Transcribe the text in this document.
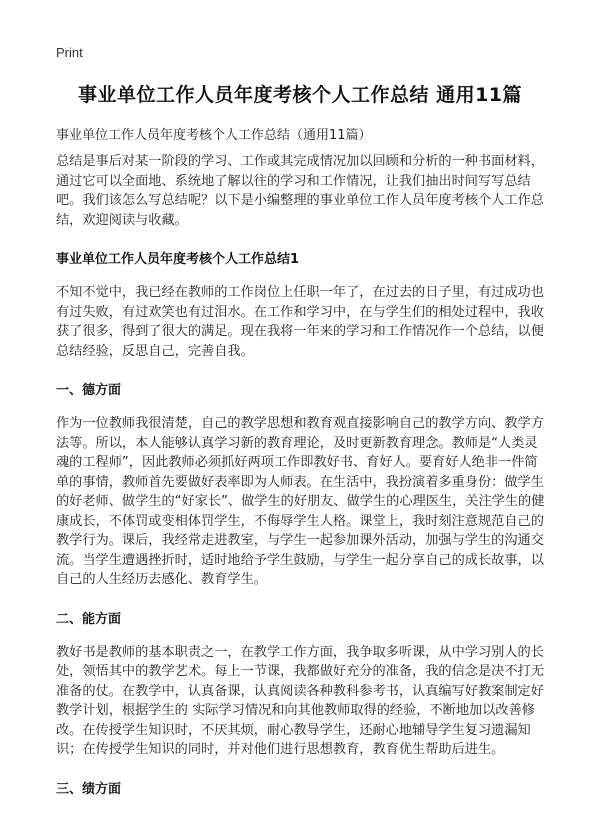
Print
事业单位工作人员年度考核个人工作总结 通用11篇
事业单位工作人员年度考核个人工作总结（通用11篇）

总结是事后对某一阶段的学习、工作或其完成情况加以回顾和分析的一种书面材料，通过它可以全面地、系统地了解以往的学习和工作情况，让我们抽出时间写写总结吧。我们该怎么写总结呢？以下是小编整理的事业单位工作人员年度考核个人工作总结，欢迎阅读与收藏。

事业单位工作人员年度考核个人工作总结1

不知不觉中，我已经在教师的工作岗位上任职一年了，在过去的日子里，有过成功也有过失败，有过欢笑也有过泪水。在工作和学习中，在与学生们的相处过程中，我收获了很多，得到了很大的满足。现在我将一年来的学习和工作情况作一个总结，以便总结经验，反思自己，完善自我。

一、德方面

作为一位教师我很清楚，自己的教学思想和教育观直接影响自己的教学方向、教学方法等。所以，本人能够认真学习新的教育理论，及时更新教育理念。教师是“人类灵魂的工程师”，因此教师必须抓好两项工作即教好书、育好人。要育好人绝非一件简单的事情，教师首先要做好表率即为人师表。在生活中，我扮演着多重身份：做学生的好老师、做学生的“好家长”、做学生的好朋友、做学生的心理医生，关注学生的健康成长，不体罚或变相体罚学生，不侮辱学生人格。课堂上，我时刻注意规范自己的教学行为。课后，我经常走进教室，与学生一起参加课外活动，加强与学生的沟通交流。当学生遭遇挫折时，适时地给予学生鼓励，与学生一起分享自己的成长故事，以自己的人生经历去感化、教育学生。

二、能方面

教好书是教师的基本职责之一，在教学工作方面，我争取多听课，从中学习别人的长处，领悟其中的教学艺术。每上一节课，我都做好充分的准备，我的信念是决不打无准备的仗。在教学中，认真备课，认真阅读各种教科参考书，认真编写好教案制定好教学计划，根据学生的 实际学习情况和向其他教师取得的经验，不断地加以改善修改。在传授学生知识时，不厌其烦，耐心教导学生，还耐心地辅导学生复习遗漏知识；在传授学生知识的同时，并对他们进行思想教育，教育优生帮助后进生。

三、绩方面
